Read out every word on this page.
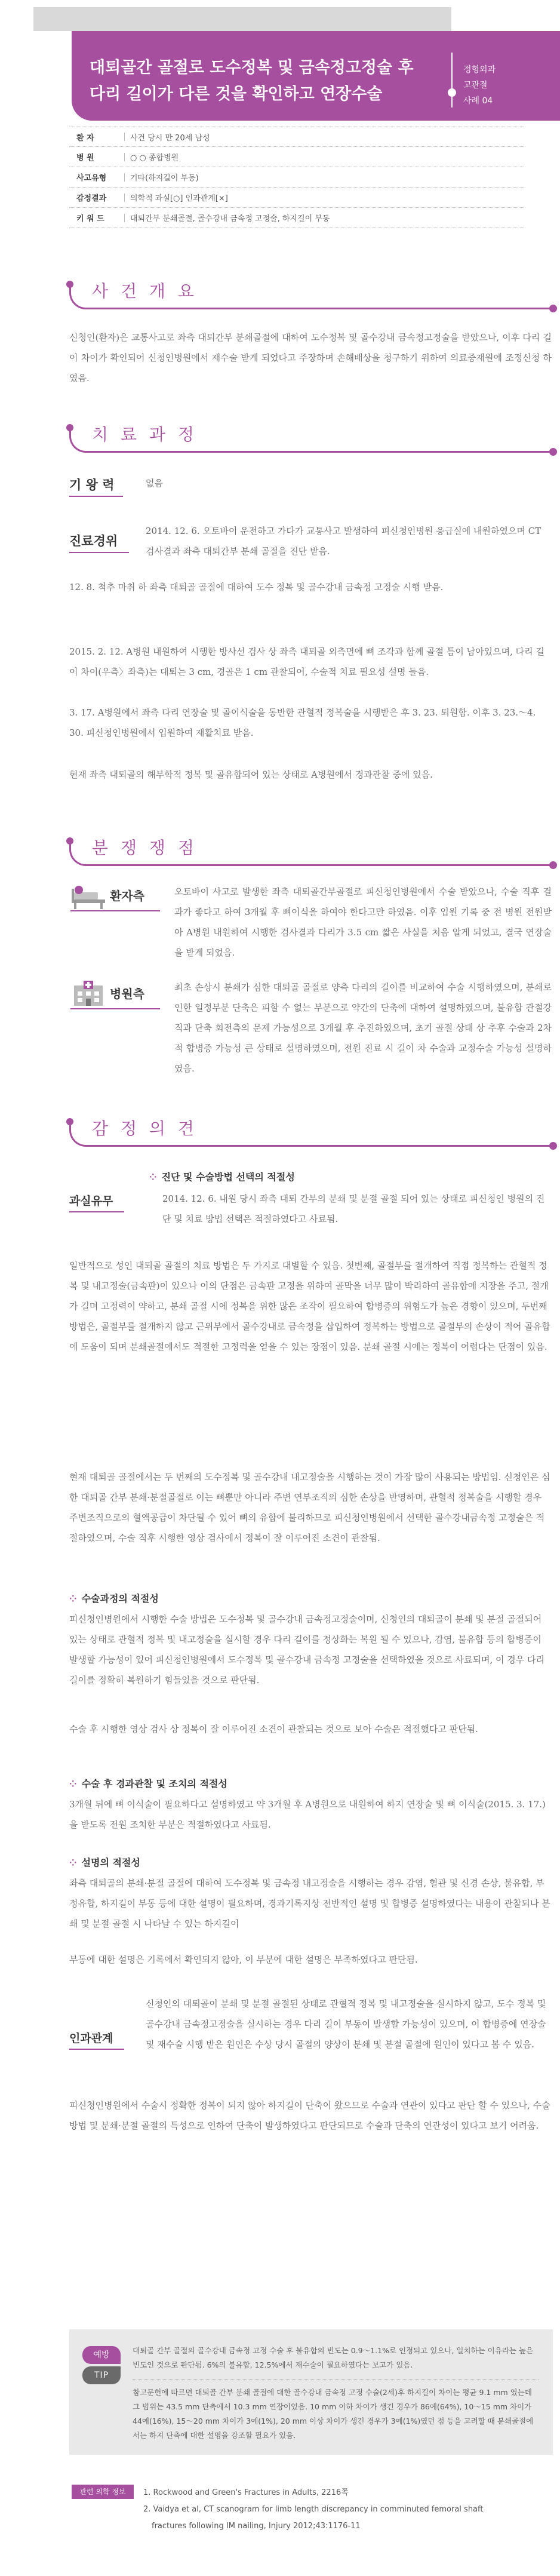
대퇴골간 골절로 도수정복 및 금속정고정술 후
다리 길이가 다른 것을 확인하고 연장수술
정형외과
고관절
사례 04
환 자	사건 당시 만 20세 남성
병 원	○ ○ 종합병원
사고유형	기타(하지길이 부동)
감정결과	의학적 과실[○] 인과관계[×]
키 워 드	대퇴간부 분쇄골절, 골수강내 금속정 고정술, 하지길이 부동
사 건 개 요
신청인(환자)은 교통사고로 좌측 대퇴간부 분쇄골절에 대하여 도수정복 및 골수강내 금속정고정술을 받았으나, 이후 다리 길이 차이가 확인되어 신청인병원에서 재수술 받게 되었다고 주장하며 손해배상을 청구하기 위하여 의료중재원에 조정신청 하였음.
치 료 과 정
기 왕 력	없음
진료경위
2014. 12. 6. 오토바이 운전하고 가다가 교통사고 발생하여 피신청인병원 응급실에 내원하였으며 CT 검사결과 좌측 대퇴간부 분쇄 골절을 진단 받음.
12. 8. 척추 마취 하 좌측 대퇴골 골절에 대하여 도수 정복 및 골수강내 금속정 고정술 시행 받음.
2015. 2. 12. A병원 내원하여 시행한 방사선 검사 상 좌측 대퇴골 외측면에 뼈 조각과 함께 골절 틈이 남아있으며, 다리 길이 차이(우측〉좌측)는 대퇴는 3 cm, 경골은 1 cm 관찰되어, 수술적 치료 필요성 설명 들음.
3. 17. A병원에서 좌측 다리 연장술 및 골이식술을 동반한 관혈적 정복술을 시행받은 후 3. 23. 퇴원함. 이후 3. 23.～4. 30. 피신청인병원에서 입원하여 재활치료 받음.
현재 좌측 대퇴골의 해부학적 정복 및 골유합되어 있는 상태로 A병원에서 경과관찰 중에 있음.
분 쟁 쟁 점
환자측	오토바이 사고로 발생한 좌측 대퇴골간부골절로 피신청인병원에서 수술 받았으나, 수술 직후 결과가 좋다고 하여 3개월 후 뼈이식을 하여야 한다고만 하였음. 이후 입원 기록 중 전 병원 전원받아 A병원 내원하여 시행한 검사결과 다리가 3.5 cm 짧은 사실을 처음 알게 되었고, 결국 연장술을 받게 되었음.
병원측	최초 손상시 분쇄가 심한 대퇴골 골절로 양측 다리의 길이를 비교하여 수술 시행하였으며, 분쇄로 인한 일정부분 단축은 피할 수 없는 부분으로 약간의 단축에 대하여 설명하였으며, 불유합 관절강직과 단축 회전측의 문제 가능성으로 3개월 후 추진하였으며, 초기 골절 상태 상 추후 수술과 2차적 합병증 가능성 큰 상태로 설명하였으며, 전원 진료 시 길이 차 수술과 교정수술 가능성 설명하였음.
감 정 의 견
과실유무
⁘ 진단 및 수술방법 선택의 적절성
2014. 12. 6. 내원 당시 좌측 대퇴 간부의 분쇄 및 분절 골절 되어 있는 상태로 피신청인 병원의 진단 및 치료 방법 선택은 적절하였다고 사료됨.
일반적으로 성인 대퇴골 골절의 치료 방법은 두 가지로 대별할 수 있음. 첫번째, 골절부를 절개하여 직접 정복하는 관혈적 정복 및 내고정술(금속판)이 있으나 이의 단점은 금속판 고정을 위하여 골막을 너무 많이 박리하여 골유합에 지장을 주고, 절개가 길며 고정력이 약하고, 분쇄 골절 시에 정복을 위한 많은 조작이 필요하여 합병증의 위험도가 높은 경향이 있으며, 두번째 방법은, 골절부를 절개하지 않고 근위부에서 골수강내로 금속정을 삽입하여 정복하는 방법으로 골절부의 손상이 적어 골유합에 도움이 되며 분쇄골절에서도 적절한 고정력을 얻을 수 있는 장점이 있음. 분쇄 골절 시에는 정복이 어렵다는 단점이 있음.
현재 대퇴골 골절에서는 두 번째의 도수정복 및 골수강내 내고정술을 시행하는 것이 가장 많이 사용되는 방법임. 신청인은 심한 대퇴골 간부 분쇄·분절골절로 이는 뼈뿐만 아니라 주변 연부조직의 심한 손상을 반영하며, 관혈적 정복술을 시행할 경우 주변조직으로의 혈액공급이 차단될 수 있어 뼈의 유합에 불리하므로 피신청인병원에서 선택한 골수강내금속정 고정술은 적절하였으며, 수술 직후 시행한 영상 검사에서 정복이 잘 이루어진 소견이 관찰됨.
⁘ 수술과정의 적절성
피신청인병원에서 시행한 수술 방법은 도수정복 및 골수강내 금속정고정술이며, 신청인의 대퇴골이 분쇄 및 분절 골절되어 있는 상태로 관혈적 정복 및 내고정술을 실시할 경우 다리 길이를 정상화는 복원 될 수 있으나, 감염, 불유합 등의 합병증이 발생할 가능성이 있어 피신청인병원에서 도수정복 및 골수강내 금속정 고정술을 선택하였을 것으로 사료되며, 이 경우 다리 길이를 정확히 복원하기 힘들었을 것으로 판단됨.
수술 후 시행한 영상 검사 상 정복이 잘 이루어진 소견이 관찰되는 것으로 보아 수술은 적절했다고 판단됨.
⁘ 수술 후 경과관찰 및 조치의 적절성
3개월 뒤에 뼈 이식술이 필요하다고 설명하였고 약 3개월 후 A병원으로 내원하여 하지 연장술 및 뼈 이식술(2015. 3. 17.)을 받도록 전원 조치한 부분은 적절하였다고 사료됨.
⁘ 설명의 적절성
좌측 대퇴골의 분쇄·분절 골절에 대하여 도수정복 및 금속정 내고정술을 시행하는 경우 감염, 혈관 및 신경 손상, 불유합, 부정유합, 하지길이 부동 등에 대한 설명이 필요하며, 경과기록지상 전반적인 설명 및 합병증 설명하였다는 내용이 관찰되나 분쇄 및 분절 골절 시 나타날 수 있는 하지길이
부동에 대한 설명은 기록에서 확인되지 않아, 이 부분에 대한 설명은 부족하였다고 판단됨.
인과관계
신청인의 대퇴골이 분쇄 및 분절 골절된 상태로 관혈적 정복 및 내고정술을 실시하지 않고, 도수 정복 및 골수강내 금속정고정술을 실시하는 경우 다리 길이 부동이 발생할 가능성이 있으며, 이 합병증에 연장술 및 재수술 시행 받은 원인은 수상 당시 골절의 양상이 분쇄 및 분절 골절에 원인이 있다고 봄 수 있음.
피신청인병원에서 수술시 정확한 정복이 되지 않아 하지길이 단축이 왔으므로 수술과 연관이 있다고 판단 할 수 있으나, 수술 방법 및 분쇄·분절 골절의 특성으로 인하여 단축이 발생하였다고 판단되므로 수술과 단축의 연관성이 있다고 보기 어려움.
예방
TIP
대퇴골 간부 골절의 골수강내 금속정 고정 수술 후 불유합의 빈도는 0.9～1.1%로 인정되고 있으나, 일치하는 이유라는 높은 빈도인 것으로 판단됨. 6%의 불유합, 12.5%에서 재수술이 필요하였다는 보고가 있음.
참고문헌에 따르면 대퇴골 간부 분쇄 골절에 대한 골수강내 금속정 고정 수술(2세)후 하지길이 차이는 평균 9.1 mm 였는데 그 범위는 43.5 mm 단축에서 10.3 mm 연장이었음. 10 mm 이하 차이가 생긴 경우가 86예(64%), 10～15 mm 차이가 44예(16%), 15～20 mm 차이가 3예(1%), 20 mm 이상 차이가 생긴 경우가 3예(1%)였던 점 등을 고려할 때 분쇄골절에서는 하지 단축에 대한 설명을 강조할 필요가 있음.
관련 의학 정보	1. Rockwood and Green's Fractures in Adults, 2216쪽
2. Vaidya et al, CT scanogram for limb length discrepancy in comminuted femoral shaft
fractures following IM nailing, Injury 2012;43:1176-11
